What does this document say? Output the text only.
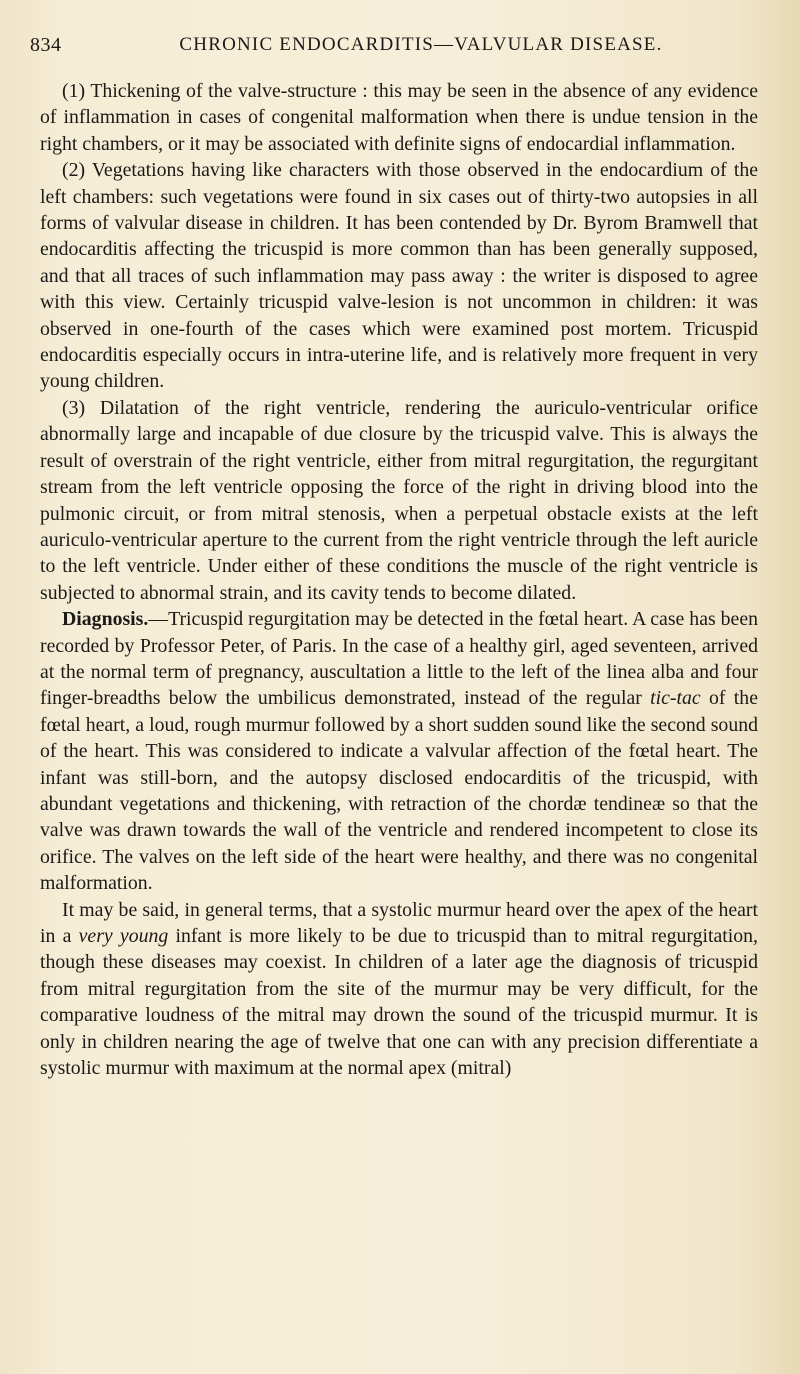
834	CHRONIC ENDOCARDITIS—VALVULAR DISEASE.

(1) Thickening of the valve-structure : this may be seen in the absence of any evidence of inflammation in cases of congenital malformation when there is undue tension in the right chambers, or it may be associated with definite signs of endocardial inflammation.

(2) Vegetations having like characters with those observed in the endocardium of the left chambers: such vegetations were found in six cases out of thirty-two autopsies in all forms of valvular disease in children. It has been contended by Dr. Byrom Bramwell that endocarditis affecting the tricuspid is more common than has been generally supposed, and that all traces of such inflammation may pass away : the writer is disposed to agree with this view. Certainly tricuspid valve-lesion is not uncommon in children: it was observed in one-fourth of the cases which were examined post mortem. Tricuspid endocarditis especially occurs in intra-uterine life, and is relatively more frequent in very young children.

(3) Dilatation of the right ventricle, rendering the auriculo-ventricular orifice abnormally large and incapable of due closure by the tricuspid valve. This is always the result of overstrain of the right ventricle, either from mitral regurgitation, the regurgitant stream from the left ventricle opposing the force of the right in driving blood into the pulmonic circuit, or from mitral stenosis, when a perpetual obstacle exists at the left auriculo-ventricular aperture to the current from the right ventricle through the left auricle to the left ventricle. Under either of these conditions the muscle of the right ventricle is subjected to abnormal strain, and its cavity tends to become dilated.

Diagnosis.—Tricuspid regurgitation may be detected in the fœtal heart. A case has been recorded by Professor Peter, of Paris. In the case of a healthy girl, aged seventeen, arrived at the normal term of pregnancy, auscultation a little to the left of the linea alba and four finger-breadths below the umbilicus demonstrated, instead of the regular tic-tac of the fœtal heart, a loud, rough murmur followed by a short sudden sound like the second sound of the heart. This was considered to indicate a valvular affection of the fœtal heart. The infant was still-born, and the autopsy disclosed endocarditis of the tricuspid, with abundant vegetations and thickening, with retraction of the chordæ tendineæ so that the valve was drawn towards the wall of the ventricle and rendered incompetent to close its orifice. The valves on the left side of the heart were healthy, and there was no congenital malformation.

It may be said, in general terms, that a systolic murmur heard over the apex of the heart in a very young infant is more likely to be due to tricuspid than to mitral regurgitation, though these diseases may coexist. In children of a later age the diagnosis of tricuspid from mitral regurgitation from the site of the murmur may be very difficult, for the comparative loudness of the mitral may drown the sound of the tricuspid murmur. It is only in children nearing the age of twelve that one can with any precision differentiate a systolic murmur with maximum at the normal apex (mitral)
